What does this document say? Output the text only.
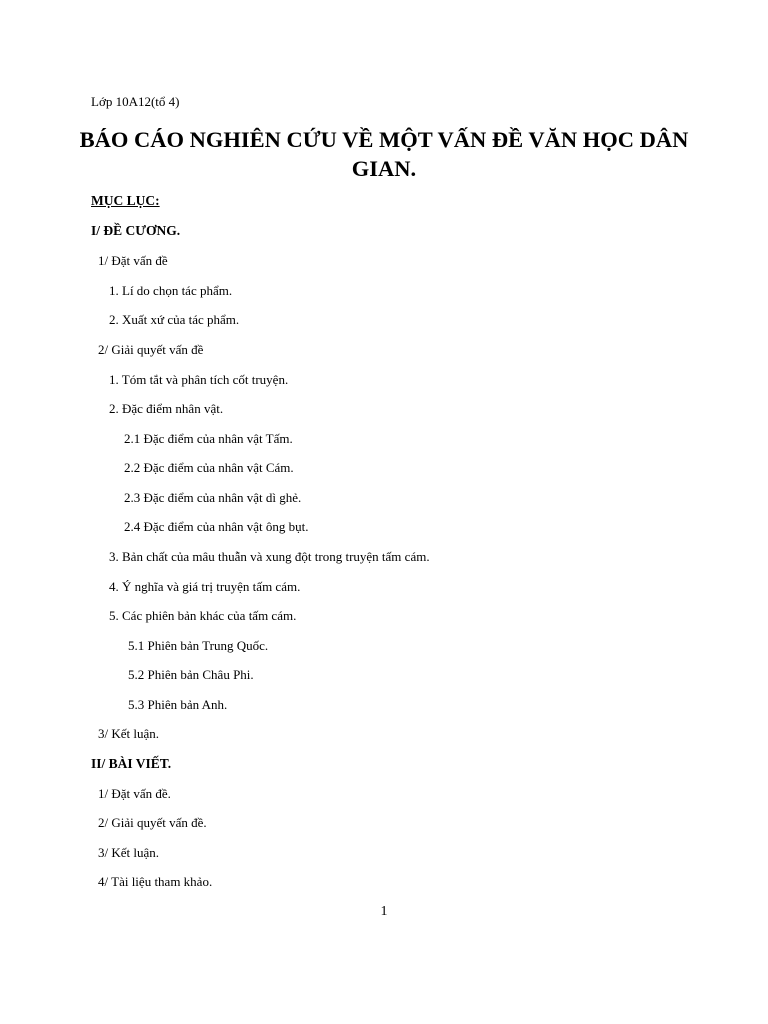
Lớp 10A12(tổ 4)
BÁO CÁO NGHIÊN CỨU VỀ MỘT VẤN ĐỀ VĂN HỌC DÂN GIAN.
MỤC LỤC:
I/ ĐỀ CƯƠNG.
1/ Đặt vấn đề
1. Lí do chọn tác phẩm.
2. Xuất xứ của tác phẩm.
2/ Giải quyết vấn đề
1. Tóm tắt và phân tích cốt truyện.
2. Đặc điểm nhân vật.
2.1 Đặc điểm của nhân vật Tấm.
2.2 Đặc điểm của nhân vật Cám.
2.3 Đặc điểm của nhân vật dì ghẻ.
2.4 Đặc điểm của nhân vật ông bụt.
3. Bản chất của mâu thuẫn và xung đột trong truyện tấm cám.
4. Ý nghĩa và giá trị truyện tấm cám.
5. Các phiên bản khác của tấm cám.
5.1 Phiên bản Trung Quốc.
5.2 Phiên bản Châu Phi.
5.3 Phiên bản Anh.
3/ Kết luận.
II/ BÀI VIẾT.
1/ Đặt vấn đề.
2/ Giải quyết vấn đề.
3/ Kết luận.
4/ Tài liệu tham khảo.
1
